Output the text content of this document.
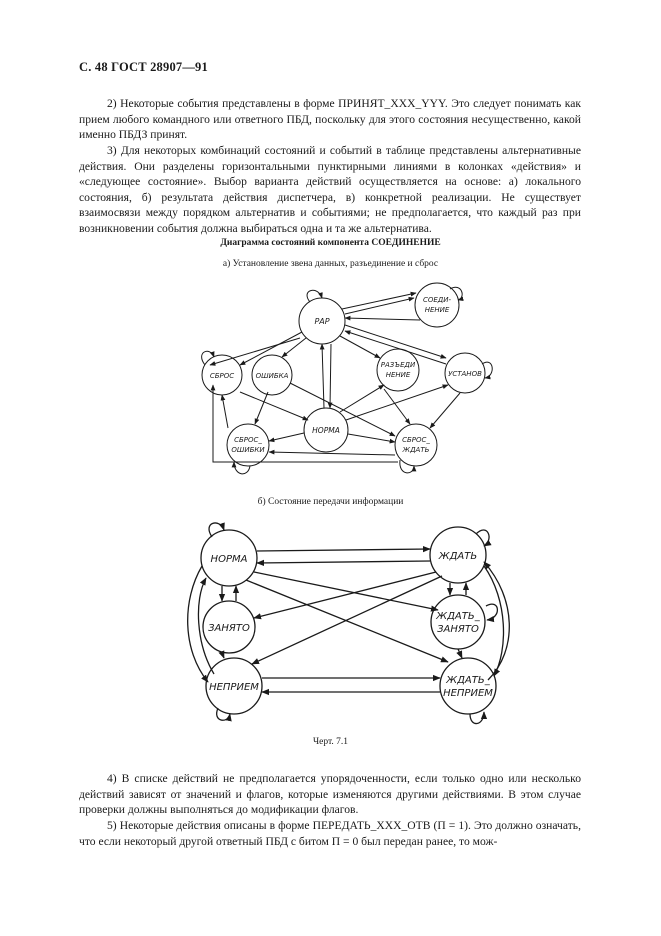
С. 48 ГОСТ 28907—91

2) Некоторые события представлены в форме ПРИНЯТ_XXX_YYY. Это следует понимать как прием любого командного или ответного ПБД, поскольку для этого состояния несущественно, какой именно ПБДЗ принят.

3) Для некоторых комбинаций состояний и событий в таблице представлены альтернативные действия. Они разделены горизонтальными пунктирными линиями в колонках «действия» и «следующее состояние». Выбор варианта действий осуществляется на основе: а) локального состояния, б) результата действия диспетчера, в) конкретной реализации. Не существует взаимосвязи между порядком альтернатив и событиями; не предполагается, что каждый раз при возникновении события должна выбираться одна и та же альтернатива.

Диаграмма состояний компонента СОЕДИНЕНИЕ

а) Установление звена данных, разъединение и сброс

РАР
СОЕДИ-
НЕНИЕ
СБРОС	ОШИБКА
РАЗЪЕДИ
НЕНИЕ	УСТАНОВ
НОРМА
СБРОС_
ОШИБКИ
СБРОС_
ЖДАТЬ

б) Состояние передачи информации

НОРМА	ЖДАТЬ
ЗАНЯТО
ЖДАТЬ_
ЗАНЯТО
НЕПРИЕМ
ЖДАТЬ_
НЕПРИЕМ

Черт. 7.1

4) В списке действий не предполагается упорядоченности, если только одно или несколько действий зависят от значений и флагов, которые изменяются другими действиями. В этом случае проверки должны выполняться до модификации флагов.

5) Некоторые действия описаны в форме ПЕРЕДАТЬ_XXX_ОТВ (П = 1). Это должно означать, что если некоторый другой ответный ПБД с битом П = 0 был передан ранее, то мож-
